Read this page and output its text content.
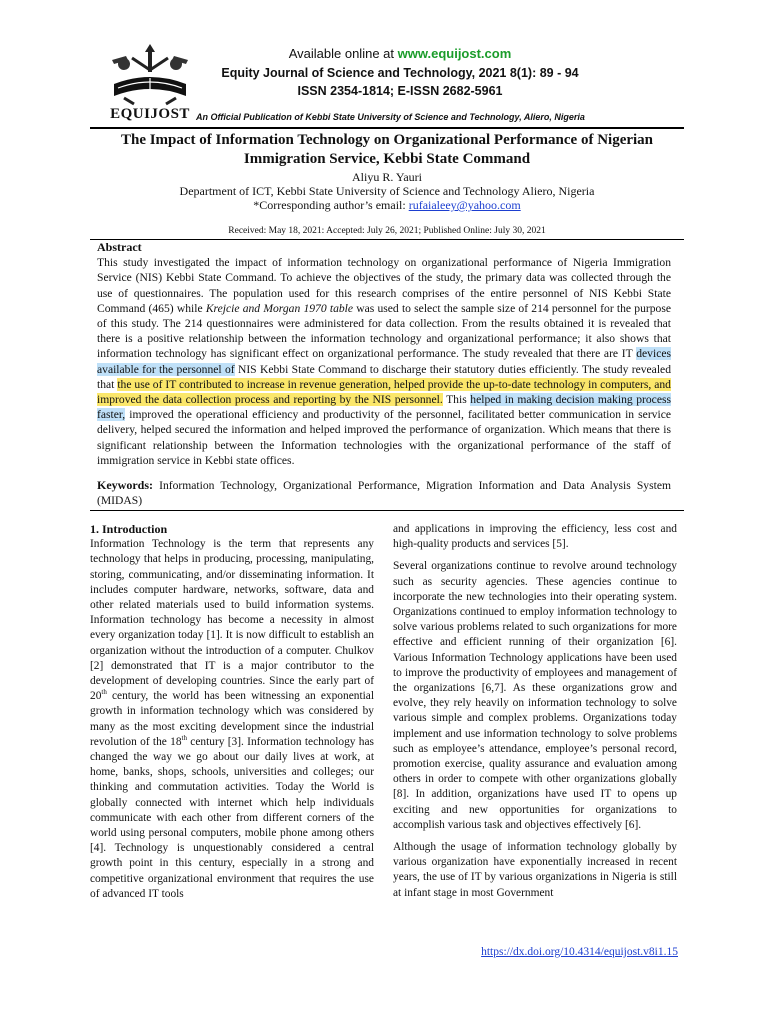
EQUIJOST
Available online at www.equijost.com
Equity Journal of Science and Technology, 2021 8(1): 89 - 94
ISSN 2354-1814; E-ISSN 2682-5961
An Official Publication of Kebbi State University of Science and Technology, Aliero, Nigeria
The Impact of Information Technology on Organizational Performance of Nigerian
Immigration Service, Kebbi State Command
Aliyu R. Yauri
Department of ICT, Kebbi State University of Science and Technology Aliero, Nigeria
*Corresponding author’s email: rufaialeey@yahoo.com
Received: May 18, 2021: Accepted: July 26, 2021; Published Online: July 30, 2021
Abstract
This study investigated the impact of information technology on organizational performance of Nigeria Immigration Service (NIS) Kebbi State Command. To achieve the objectives of the study, the primary data was collected through the use of questionnaires. The population used for this research comprises of the entire personnel of NIS Kebbi State Command (465) while Krejcie and Morgan 1970 table was used to select the sample size of 214 personnel for the purpose of this study. The 214 questionnaires were administered for data collection. From the results obtained it is revealed that there is a positive relationship between the information technology and organizational performance; it also shows that information technology has significant effect on organizational performance. The study revealed that there are IT devices available for the personnel of NIS Kebbi State Command to discharge their statutory duties efficiently. The study revealed that the use of IT contributed to increase in revenue generation, helped provide the up-to-date technology in computers, and improved the data collection process and reporting by the NIS personnel. This helped in making decision making process faster, improved the operational efficiency and productivity of the personnel, facilitated better communication in service delivery, helped secured the information and helped improved the performance of organization. Which means that there is significant relationship between the Information technologies with the organizational performance of the staff of immigration service in Kebbi state offices.
Keywords: Information Technology, Organizational Performance, Migration Information and Data Analysis System (MIDAS)
1. Introduction

Information Technology is the term that represents any technology that helps in producing, processing, manipulating, storing, communicating, and/or disseminating information. It includes computer hardware, networks, software, data and other related materials used to build information systems. Information technology has become a necessity in almost every organization today [1]. It is now difficult to establish an organization without the introduction of a computer. Chulkov [2] demonstrated that IT is a major contributor to the development of developing countries. Since the early part of 20th century, the world has been witnessing an exponential growth in information technology which was considered by many as the most exciting development since the industrial revolution of the 18th century [3]. Information technology has changed the way we go about our daily lives at work, at home, banks, shops, schools, universities and colleges; our thinking and commutation activities. Today the World is globally connected with internet which help individuals communicate with each other from different corners of the world using personal computers, mobile phone among others [4]. Technology is unquestionably considered a central growth point in this century, especially in a strong and competitive organizational environment that requires the use of advanced IT tools

and applications in improving the efficiency, less cost and high-quality products and services [5].

Several organizations continue to revolve around technology such as security agencies. These agencies continue to incorporate the new technologies into their operating system. Organizations continued to employ information technology to solve various problems related to such organizations for more effective and efficient running of their organization [6]. Various Information Technology applications have been used to improve the productivity of employees and management of the organizations [6,7]. As these organizations grow and evolve, they rely heavily on information technology to solve various simple and complex problems. Organizations today implement and use information technology to solve problems such as employee’s attendance, employee’s personal record, promotion exercise, quality assurance and evaluation among others in order to compete with other organizations globally [8]. In addition, organizations have used IT to opens up exciting and new opportunities for organizations to accomplish various task and objectives effectively [6].

Although the usage of information technology globally by various organization have exponentially increased in recent years, the use of IT by various organizations in Nigeria is still at infant stage in most Government

https://dx.doi.org/10.4314/equijost.v8i1.15
